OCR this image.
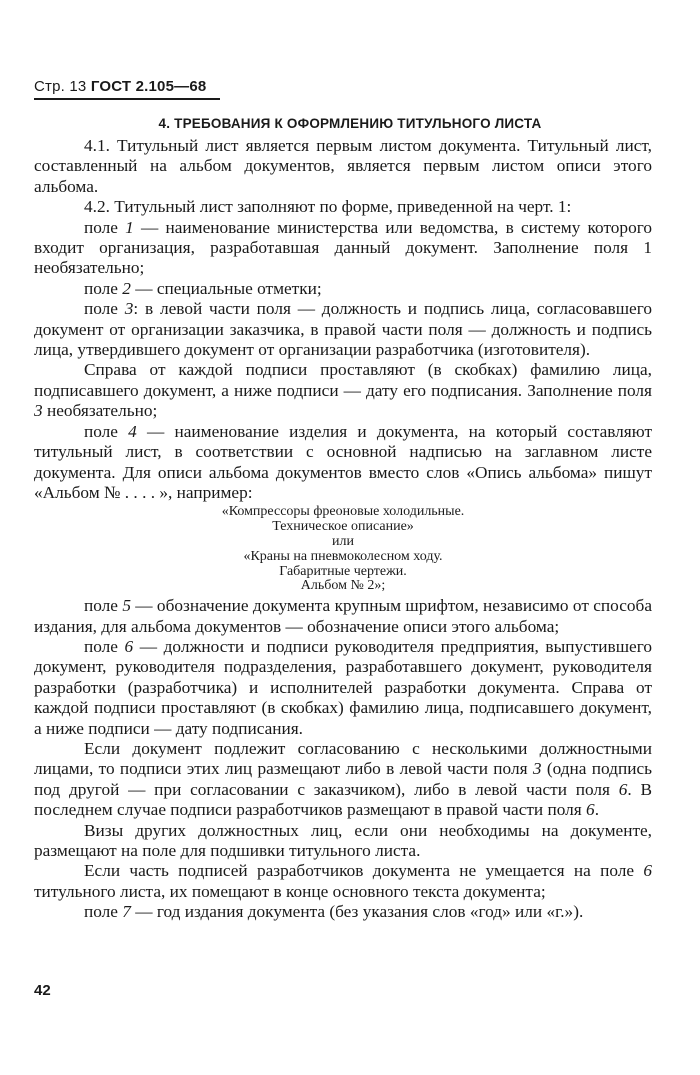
Стр. 13 ГОСТ 2.105—68
4. ТРЕБОВАНИЯ К ОФОРМЛЕНИЮ ТИТУЛЬНОГО ЛИСТА

4.1. Титульный лист является первым листом документа. Титульный лист, составленный на альбом документов, является первым листом описи этого альбома.

4.2. Титульный лист заполняют по форме, приведенной на черт. 1:

поле 1 — наименование министерства или ведомства, в систему которого входит организация, разработавшая данный документ. Заполнение поля 1 необязательно;

поле 2 — специальные отметки;

поле 3: в левой части поля — должность и подпись лица, согласовавшего документ от организации заказчика, в правой части поля — должность и подпись лица, утвердившего документ от организации разработчика (изготовителя).

Справа от каждой подписи проставляют (в скобках) фамилию лица, подписавшего документ, а ниже подписи — дату его подписания. Заполнение поля 3 необязательно;

поле 4 — наименование изделия и документа, на который составляют титульный лист, в соответствии с основной надписью на заглавном листе документа. Для описи альбома документов вместо слов «Опись альбома» пишут «Альбом № . . . . », например:

«Компрессоры фреоновые холодильные.
Техническое описание»
или
«Краны на пневмоколесном ходу.
Габаритные чертежи.
Альбом № 2»;

поле 5 — обозначение документа крупным шрифтом, независимо от способа издания, для альбома документов — обозначение описи этого альбома;

поле 6 — должности и подписи руководителя предприятия, выпустившего документ, руководителя подразделения, разработавшего документ, руководителя разработки (разработчика) и исполнителей разработки документа. Справа от каждой подписи проставляют (в скобках) фамилию лица, подписавшего документ, а ниже подписи — дату подписания.

Если документ подлежит согласованию с несколькими должностными лицами, то подписи этих лиц размещают либо в левой части поля 3 (одна подпись под другой — при согласовании с заказчиком), либо в левой части поля 6. В последнем случае подписи разработчиков размещают в правой части поля 6.

Визы других должностных лиц, если они необходимы на документе, размещают на поле для подшивки титульного листа.

Если часть подписей разработчиков документа не умещается на поле 6 титульного листа, их помещают в конце основного текста документа;

поле 7 — год издания документа (без указания слов «год» или «г.»).

42
